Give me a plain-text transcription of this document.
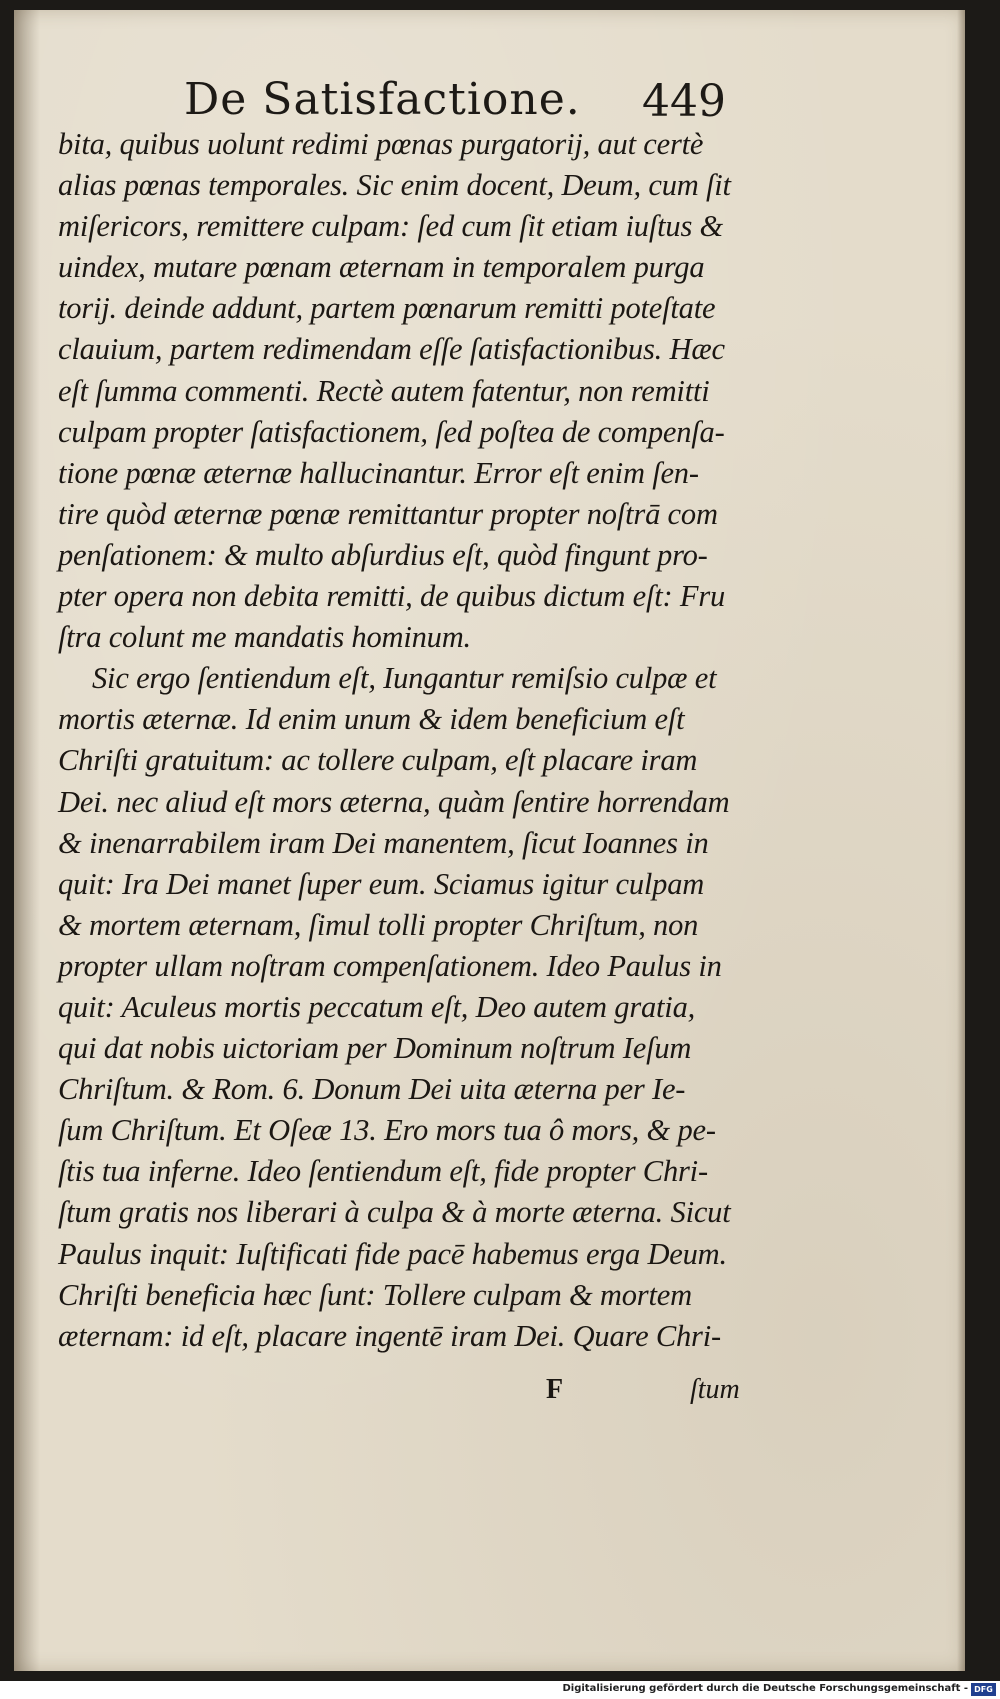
De Satisfactione. 449
bita, quibus uolunt redimi pœnas purgatorij, aut certè
alias pœnas temporales. Sic enim docent, Deum, cum ſit
miſericors, remittere culpam: ſed cum ſit etiam iuſtus &
uindex, mutare pœnam æternam in temporalem purga
torij. deinde addunt, partem pœnarum remitti poteſtate
clauium, partem redimendam eſſe ſatisfactionibus. Hæc
eſt ſumma commenti. Rectè autem fatentur, non remitti
culpam propter ſatisfactionem, ſed poſtea de compenſa-
tione pœnæ æternæ hallucinantur. Error eſt enim ſen-
tire quòd æternæ pœnæ remittantur propter noſtrā com
penſationem: & multo abſurdius eſt, quòd fingunt pro-
pter opera non debita remitti, de quibus dictum eſt: Fru
ſtra colunt me mandatis hominum.
Sic ergo ſentiendum eſt, Iungantur remiſsio culpæ et
mortis æternæ. Id enim unum & idem beneficium eſt
Chriſti gratuitum: ac tollere culpam, eſt placare iram
Dei. nec aliud eſt mors æterna, quàm ſentire horrendam
& inenarrabilem iram Dei manentem, ſicut Ioannes in
quit: Ira Dei manet ſuper eum. Sciamus igitur culpam
& mortem æternam, ſimul tolli propter Chriſtum, non
propter ullam noſtram compenſationem. Ideo Paulus in
quit: Aculeus mortis peccatum eſt, Deo autem gratia,
qui dat nobis uictoriam per Dominum noſtrum Ieſum
Chriſtum. & Rom. 6. Donum Dei uita æterna per Ie-
ſum Chriſtum. Et Oſeæ 13. Ero mors tua ô mors, & pe-
ſtis tua inferne. Ideo ſentiendum eſt, fide propter Chri-
ſtum gratis nos liberari à culpa & à morte æterna. Sicut
Paulus inquit: Iuſtificati fide pacē habemus erga Deum.
Chriſti beneficia hæc ſunt: Tollere culpam & mortem
æternam: id eſt, placare ingentē iram Dei. Quare Chri-
F	ſtum
Digitalisierung gefördert durch die Deutsche Forschungsgemeinschaft - DFG
